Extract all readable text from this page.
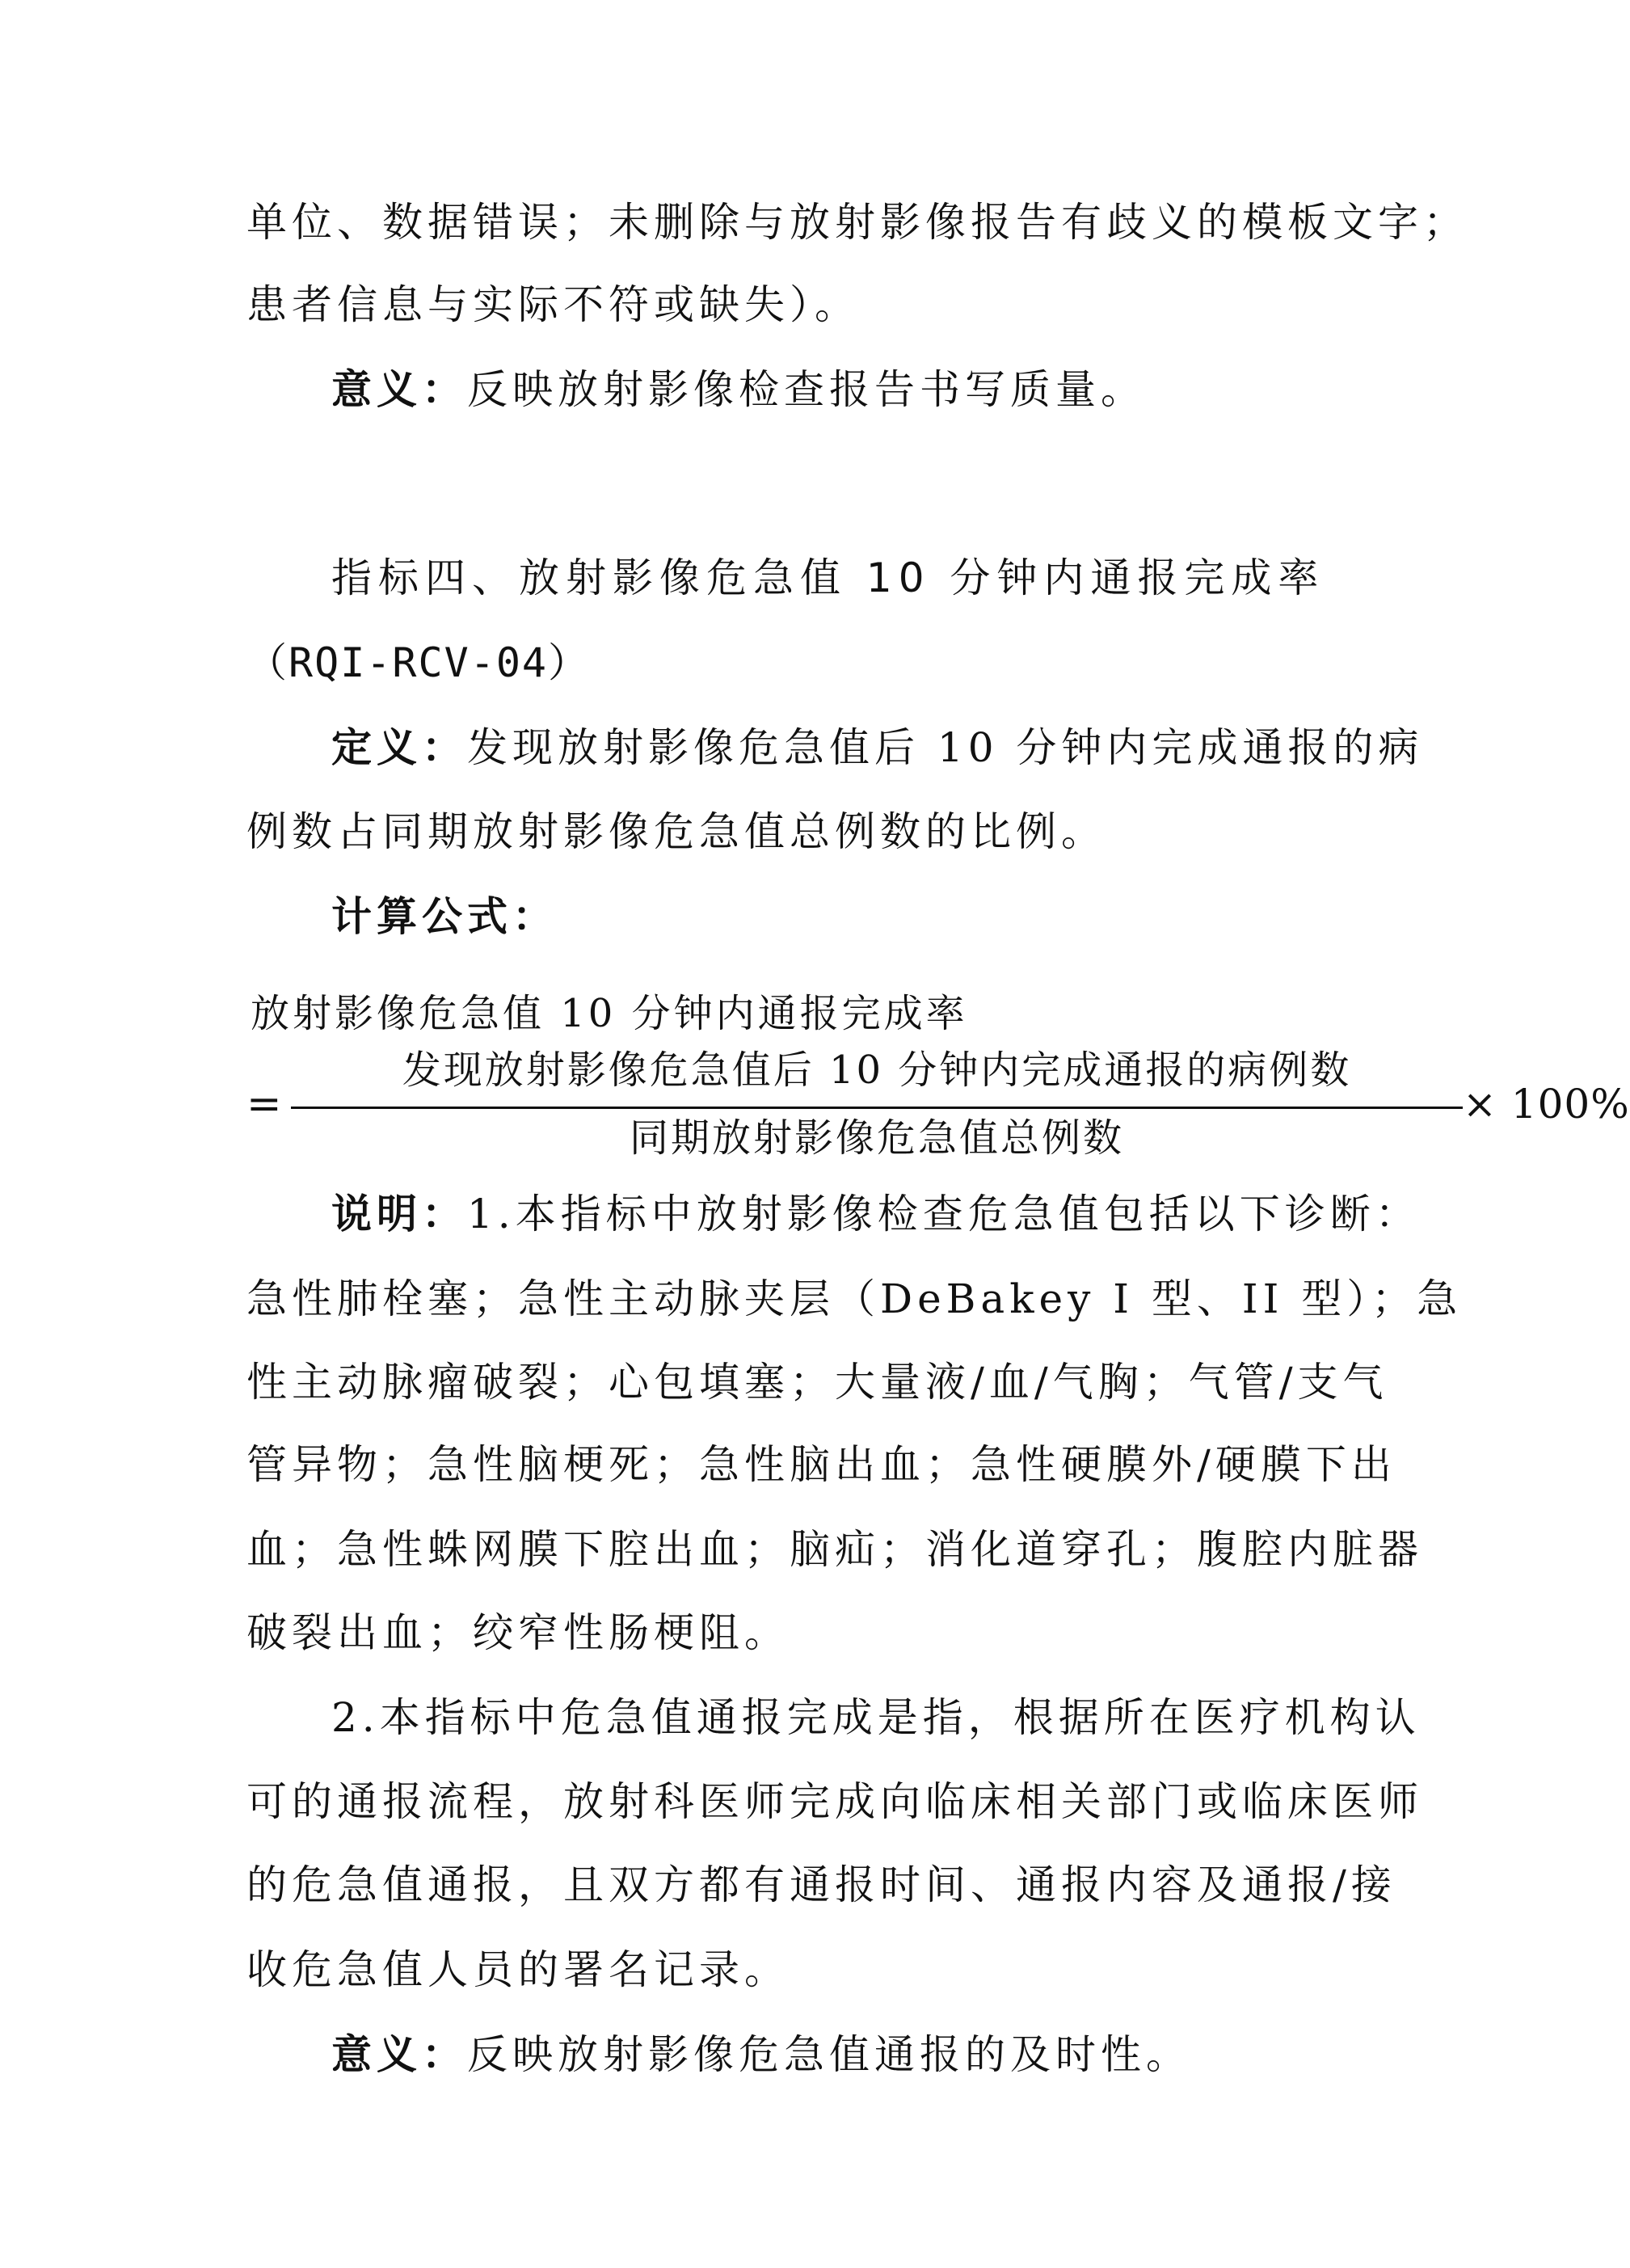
单位、数据错误；未删除与放射影像报告有歧义的模板文字；
患者信息与实际不符或缺失）。
意义：反映放射影像检查报告书写质量。
指标四、放射影像危急值 10 分钟内通报完成率
（RQI-RCV-04）
定义：发现放射影像危急值后 10 分钟内完成通报的病
例数占同期放射影像危急值总例数的比例。
计算公式：
放射影像危急值 10 分钟内通报完成率
=
发现放射影像危急值后 10 分钟内完成通报的病例数
同期放射影像危急值总例数
× 100%
说明：1.本指标中放射影像检查危急值包括以下诊断：
急性肺栓塞；急性主动脉夹层（DeBakey I 型、II 型）；急
性主动脉瘤破裂；心包填塞；大量液/血/气胸；气管/支气
管异物；急性脑梗死；急性脑出血；急性硬膜外/硬膜下出
血；急性蛛网膜下腔出血；脑疝；消化道穿孔；腹腔内脏器
破裂出血；绞窄性肠梗阻。
2.本指标中危急值通报完成是指，根据所在医疗机构认
可的通报流程，放射科医师完成向临床相关部门或临床医师
的危急值通报，且双方都有通报时间、通报内容及通报/接
收危急值人员的署名记录。
意义：反映放射影像危急值通报的及时性。
